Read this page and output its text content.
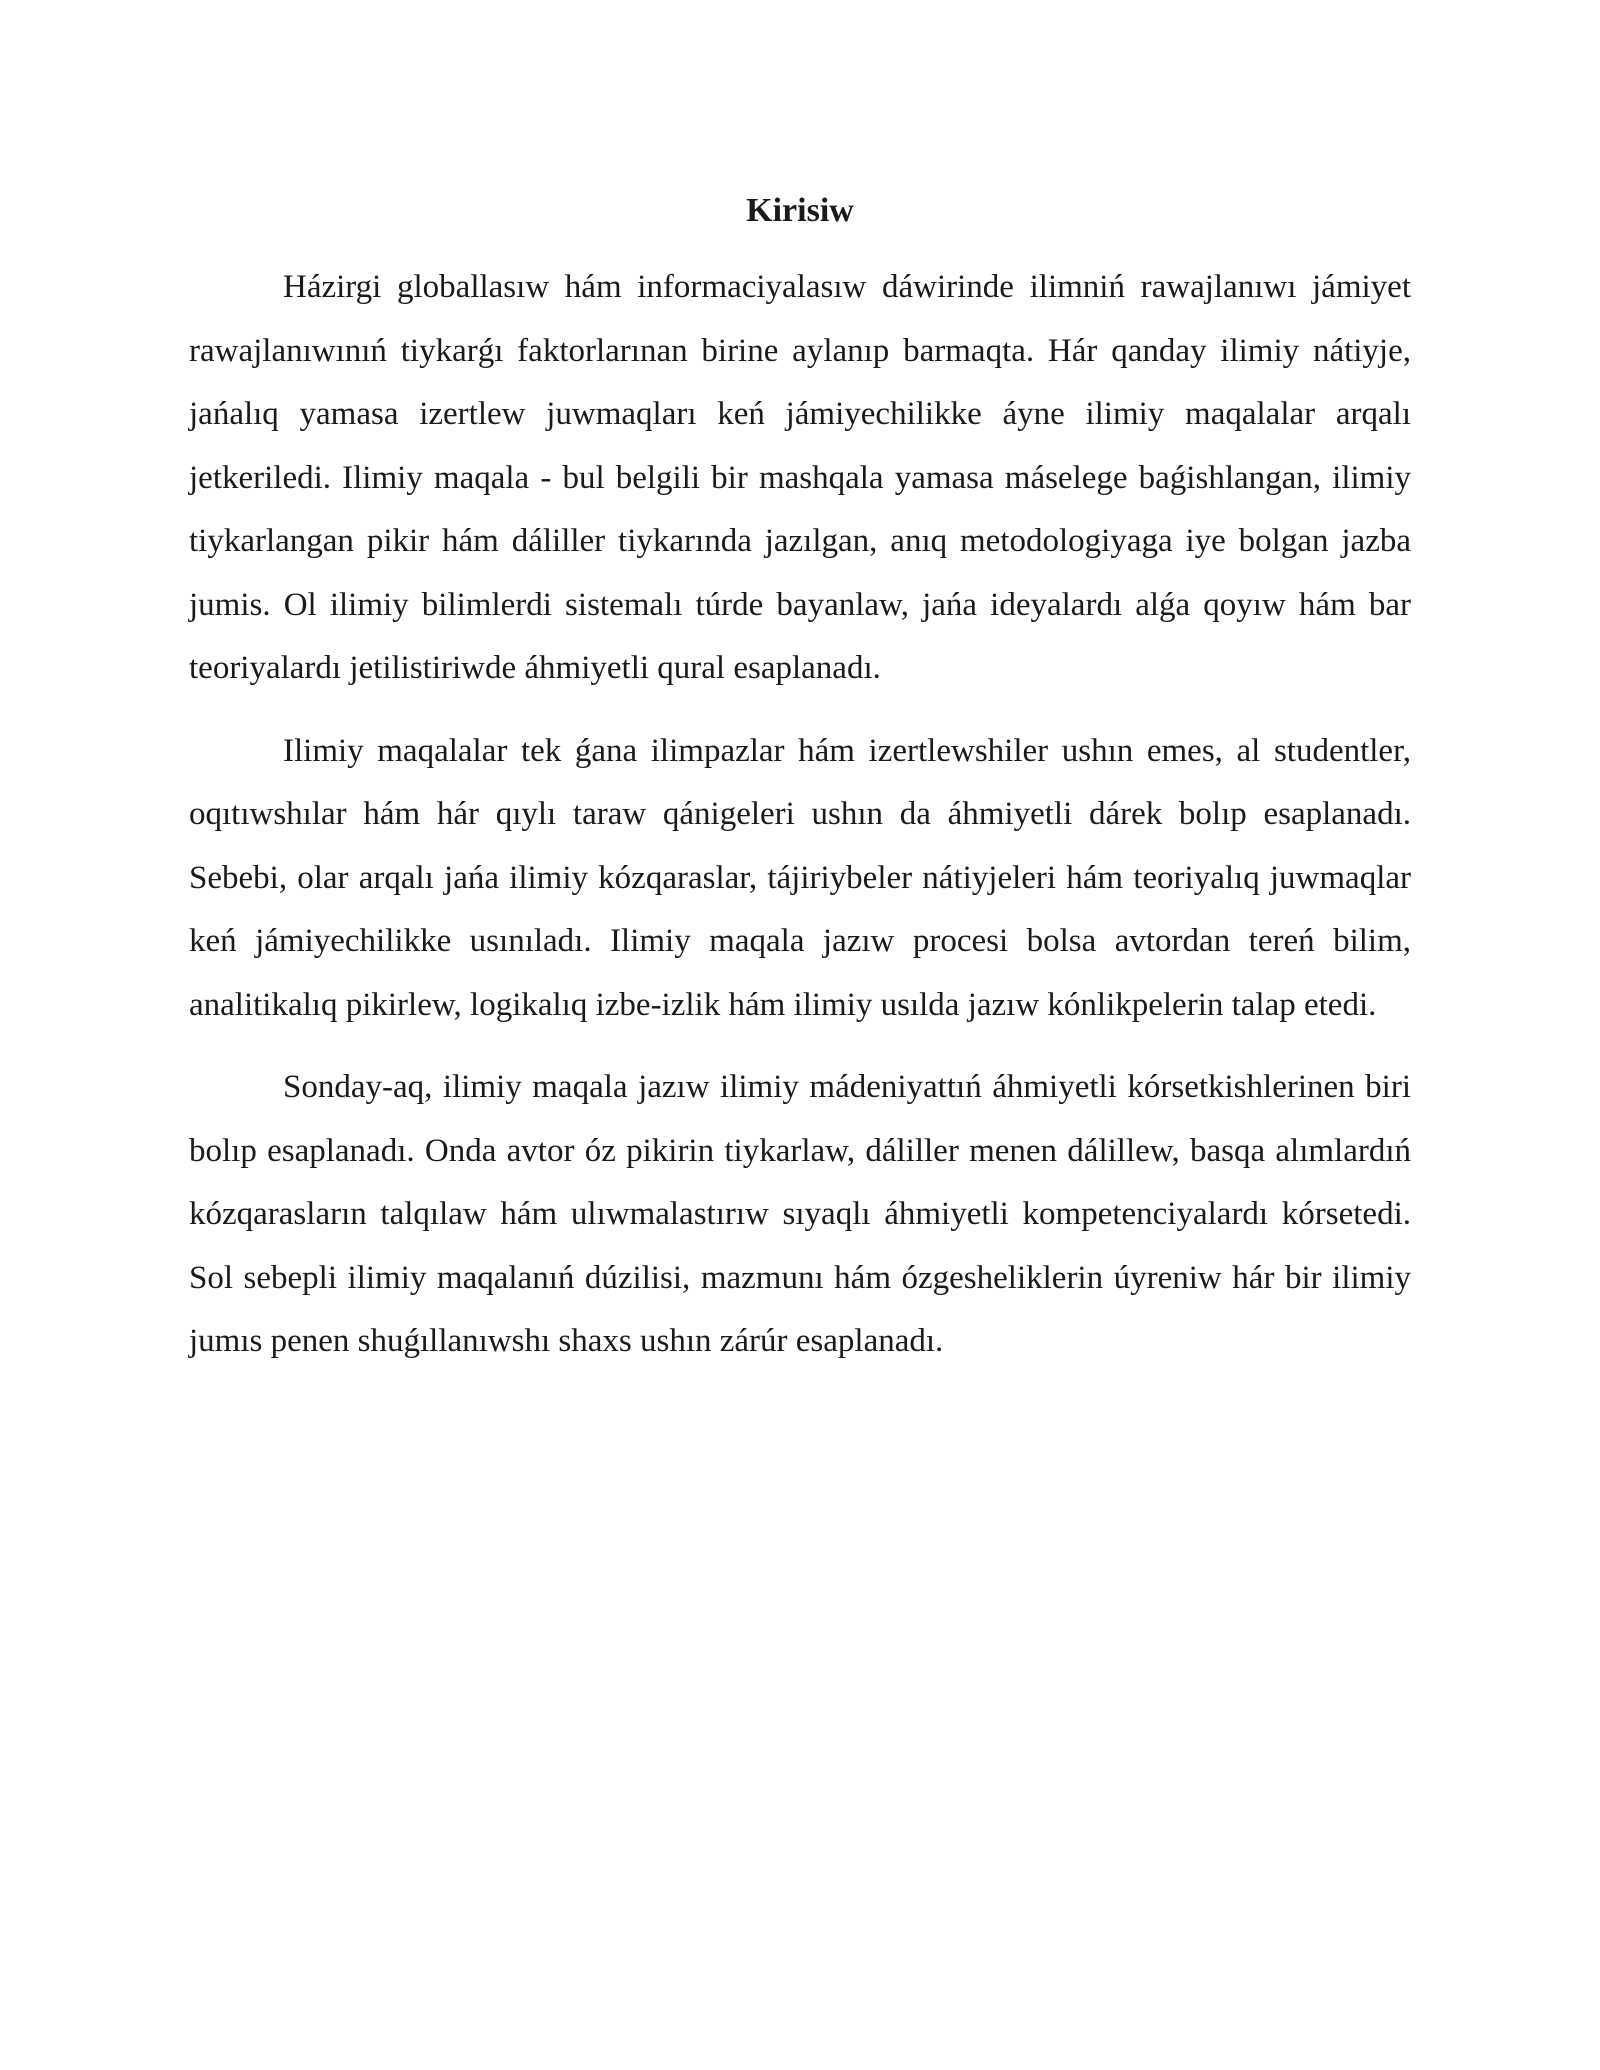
Kirisiw

Házirgi globallasıw hám informaciyalasıw dáwirinde ilimniń rawajlanıwı jámiyet rawajlanıwınıń tiykarǵı faktorlarınan birine aylanıp barmaqta. Hár qanday ilimiy nátiyje, jańalıq yamasa izertlew juwmaqları keń jámiyechilikke áyne ilimiy maqalalar arqalı jetkeriledi. Ilimiy maqala - bul belgili bir mashqala yamasa máselege baǵishlangan, ilimiy tiykarlangan pikir hám dáliller tiykarında jazılgan, anıq metodologiyaga iye bolgan jazba jumis. Ol ilimiy bilimlerdi sistemalı túrde bayanlaw, jańa ideyalardı alǵa qoyıw hám bar teoriyalardı jetilistiriwde áhmiyetli qural esaplanadı.

Ilimiy maqalalar tek ǵana ilimpazlar hám izertlewshiler ushın emes, al studentler, oqıtıwshılar hám hár qıylı taraw qánigeleri ushın da áhmiyetli dárek bolıp esaplanadı. Sebebi, olar arqalı jańa ilimiy kózqaraslar, tájiriybeler nátiyjeleri hám teoriyalıq juwmaqlar keń jámiyechilikke usınıladı. Ilimiy maqala jazıw procesi bolsa avtordan tereń bilim, analitikalıq pikirlew, logikalıq izbe-izlik hám ilimiy usılda jazıw kónlikpelerin talap etedi.

Sonday-aq, ilimiy maqala jazıw ilimiy mádeniyattıń áhmiyetli kórsetkishlerinen biri bolıp esaplanadı. Onda avtor óz pikirin tiykarlaw, dáliller menen dálillew, basqa alımlardıń kózqarasların talqılaw hám ulıwmalastırıw sıyaqlı áhmiyetli kompetenciyalardı kórsetedi. Sol sebepli ilimiy maqalanıń dúzilisi, mazmunı hám ózgesheliklerin úyreniw hár bir ilimiy jumıs penen shuǵıllanıwshı shaxs ushın zárúr esaplanadı.
